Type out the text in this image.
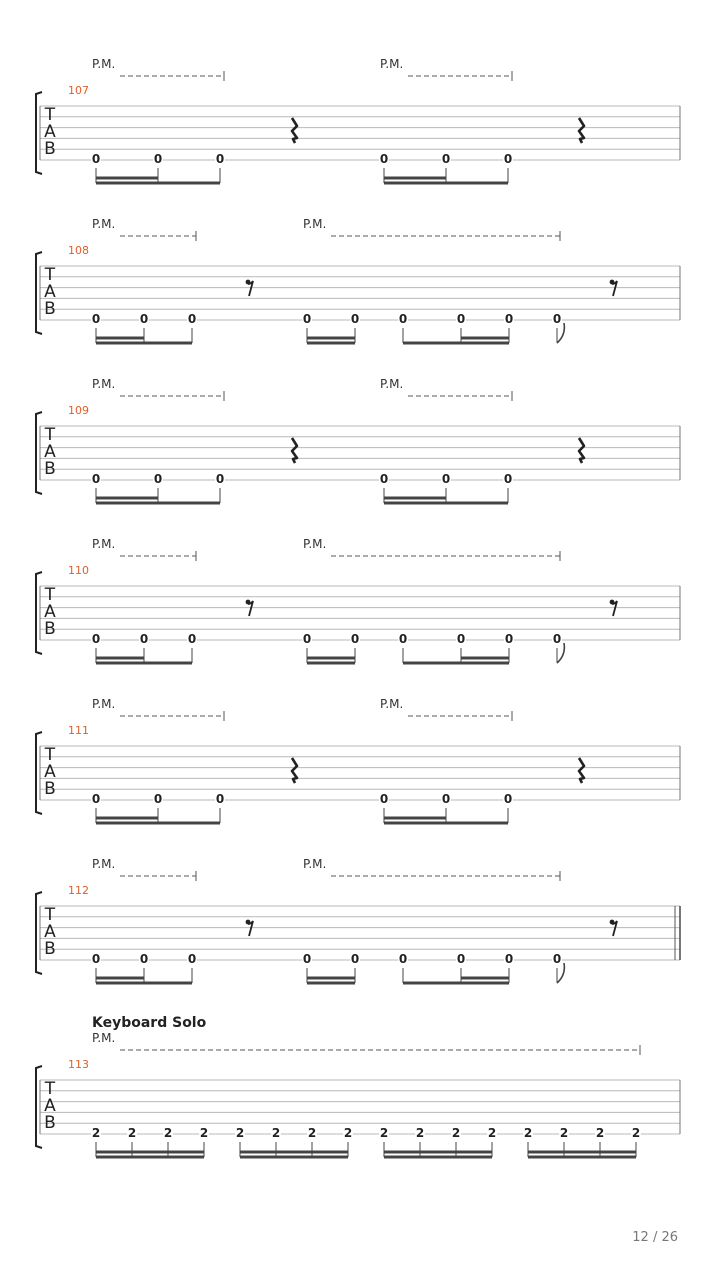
P.M.	P.M.
107
T
A
B	0	0	0	0	0	0
P.M.	P.M.
108
T
A
B	0	0	0	0	0	0	0	0	0
P.M.	P.M.
109
T
A
B	0	0	0	0	0	0
P.M.	P.M.
110
T
A
B	0	0	0	0	0	0	0	0	0
P.M.	P.M.
111
T
A
B	0	0	0	0	0	0
P.M.	P.M.
112
T
A
B	0	0	0	0	0	0	0	0	0
Keyboard Solo
P.M.
113
T
A
B	2 2 2 2 2 2 2 2 2 2 2 2 2 2 2 2
12 / 26
